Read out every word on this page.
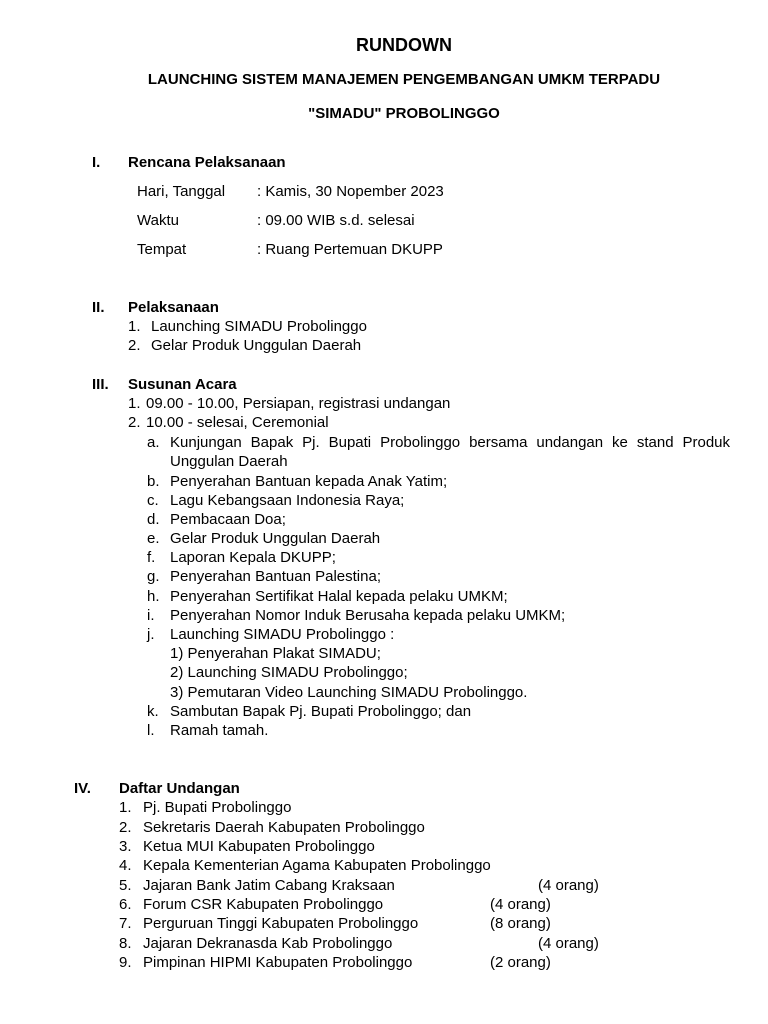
RUNDOWN
LAUNCHING SISTEM MANAJEMEN PENGEMBANGAN UMKM TERPADU
"SIMADU" PROBOLINGGO
I. Rencana Pelaksanaan
Hari, Tanggal : Kamis, 30 Nopember 2023
Waktu	: 09.00 WIB s.d. selesai
Tempat	: Ruang Pertemuan DKUPP
II. Pelaksanaan
1. Launching SIMADU Probolinggo
2. Gelar Produk Unggulan Daerah
III. Susunan Acara
1. 09.00 - 10.00, Persiapan, registrasi undangan
2. 10.00 - selesai, Ceremonial
a. Kunjungan Bapak Pj. Bupati Probolinggo bersama undangan ke stand Produk
Unggulan Daerah
b. Penyerahan Bantuan kepada Anak Yatim;
c. Lagu Kebangsaan Indonesia Raya;
d. Pembacaan Doa;
e. Gelar Produk Unggulan Daerah
f. Laporan Kepala DKUPP;
g. Penyerahan Bantuan Palestina;
h. Penyerahan Sertifikat Halal kepada pelaku UMKM;
i. Penyerahan Nomor Induk Berusaha kepada pelaku UMKM;
j. Launching SIMADU Probolinggo :
1) Penyerahan Plakat SIMADU;
2) Launching SIMADU Probolinggo;
3) Pemutaran Video Launching SIMADU Probolinggo.
k. Sambutan Bapak Pj. Bupati Probolinggo; dan
l. Ramah tamah.
IV. Daftar Undangan
1. Pj. Bupati Probolinggo
2. Sekretaris Daerah Kabupaten Probolinggo
3. Ketua MUI Kabupaten Probolinggo
4. Kepala Kementerian Agama Kabupaten Probolinggo
5. Jajaran Bank Jatim Cabang Kraksaan	(4 orang)
6. Forum CSR Kabupaten Probolinggo	(4 orang)
7. Perguruan Tinggi Kabupaten Probolinggo	(8 orang)
8. Jajaran Dekranasda Kab Probolinggo	(4 orang)
9. Pimpinan HIPMI Kabupaten Probolinggo	(2 orang)
